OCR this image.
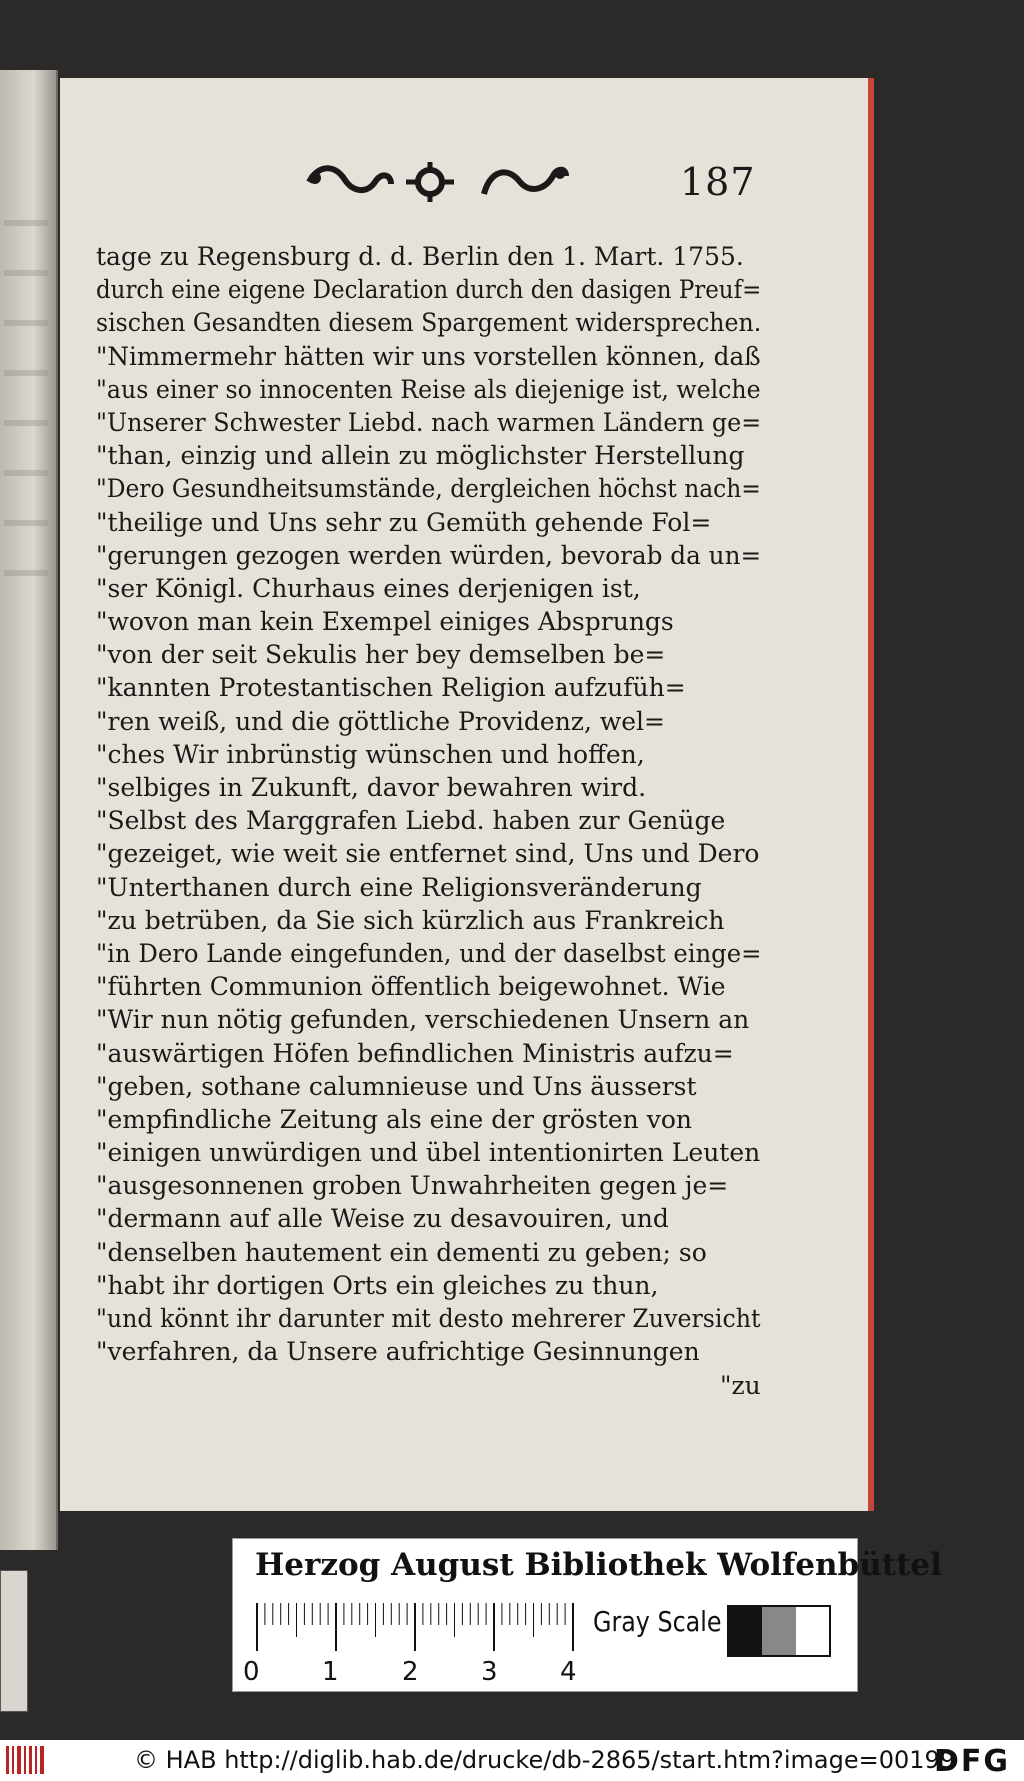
187
tage zu Regensburg d. d. Berlin den 1. Mart. 1755.
durch eine eigene Declaration durch den dasigen Preuf=
sischen Gesandten diesem Spargement widersprechen.
"Nimmermehr hätten wir uns vorstellen können, daß
"aus einer so innocenten Reise als diejenige ist, welche
"Unserer Schwester Liebd. nach warmen Ländern ge=
"than, einzig und allein zu möglichster Herstellung
"Dero Gesundheitsumstände, dergleichen höchst nach=
"theilige und Uns sehr zu Gemüth gehende Fol=
"gerungen gezogen werden würden, bevorab da un=
"ser Königl. Churhaus eines derjenigen ist,
"wovon man kein Exempel einiges Absprungs
"von der seit Sekulis her bey demselben be=
"kannten Protestantischen Religion aufzufüh=
"ren weiß, und die göttliche Providenz, wel=
"ches Wir inbrünstig wünschen und hoffen,
"selbiges in Zukunft, davor bewahren wird.
"Selbst des Marggrafen Liebd. haben zur Genüge
"gezeiget, wie weit sie entfernet sind, Uns und Dero
"Unterthanen durch eine Religionsveränderung
"zu betrüben, da Sie sich kürzlich aus Frankreich
"in Dero Lande eingefunden, und der daselbst einge=
"führten Communion öffentlich beigewohnet. Wie
"Wir nun nötig gefunden, verschiedenen Unsern an
"auswärtigen Höfen befindlichen Ministris aufzu=
"geben, sothane calumnieuse und Uns äusserst
"empfindliche Zeitung als eine der grösten von
"einigen unwürdigen und übel intentionirten Leuten
"ausgesonnenen groben Unwahrheiten gegen je=
"dermann auf alle Weise zu desavouiren, und
"denselben hautement ein dementi zu geben; so
"habt ihr dortigen Orts ein gleiches zu thun,
"und könnt ihr darunter mit desto mehrerer Zuversicht
"verfahren, da Unsere aufrichtige Gesinnungen
"zu
Herzog August Bibliothek Wolfenbüttel
0 1 2 3 4
Gray Scale
© HAB http://diglib.hab.de/drucke/db-2865/start.htm?image=00199
DFG
